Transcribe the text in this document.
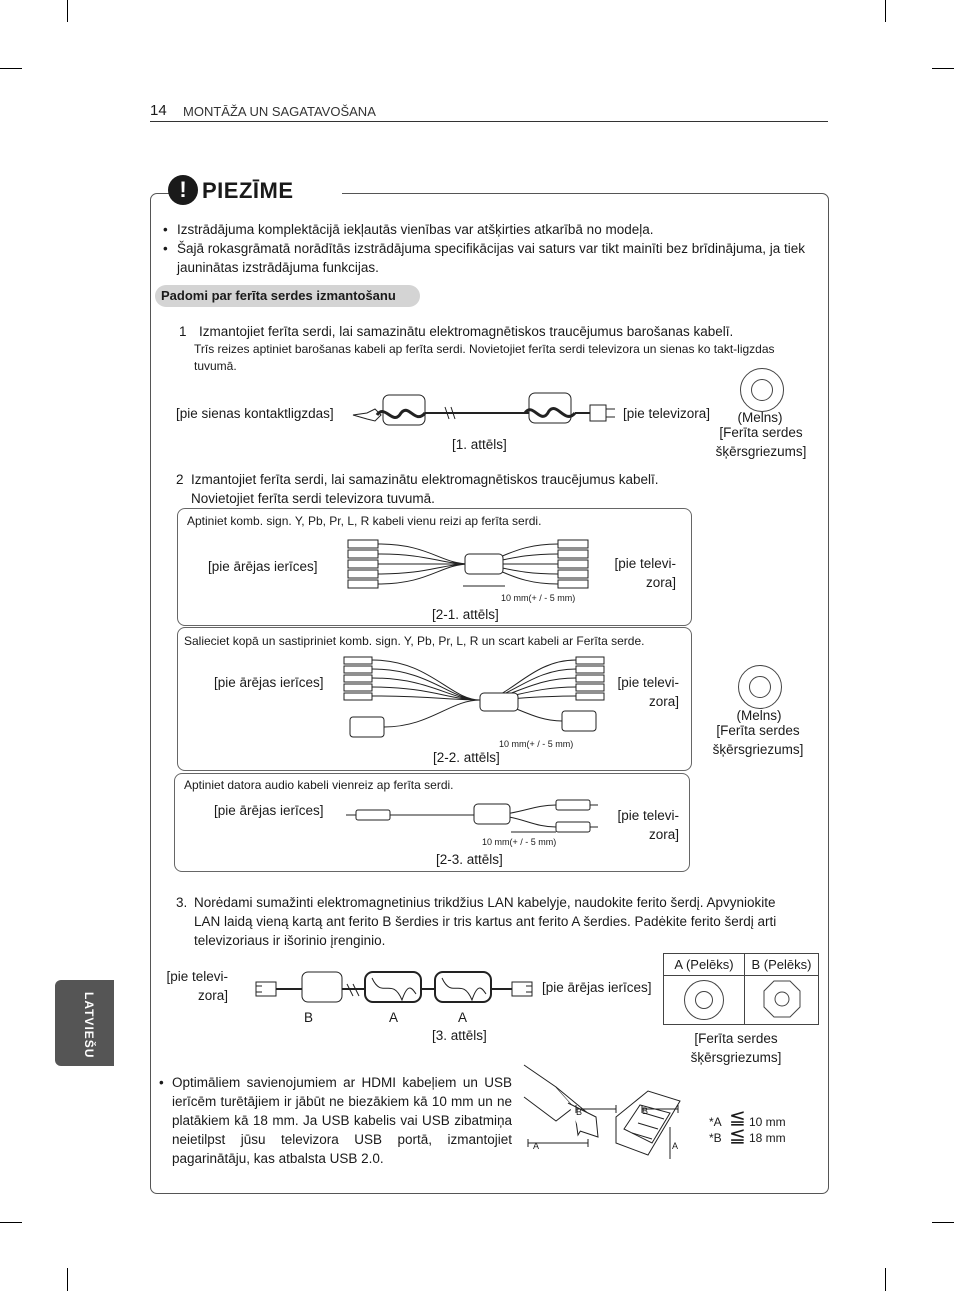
14 MONTĀŽA UN SAGATAVOŠANA
! PIEZĪME
• Izstrādājuma komplektācijā iekļautās vienības var atšķirties atkarībā no modeļa.
• Šajā rokasgrāmatā norādītās izstrādājuma specifikācijas vai saturs var tikt mainīti bez brīdinājuma, ja tiek jauninātas izstrādājuma funkcijas.
Padomi par ferīta serdes izmantošanu
1 Izmantojiet ferīta serdi, lai samazinātu elektromagnētiskos traucējumus barošanas kabelī.
Trīs reizes aptiniet barošanas kabeli ap ferīta serdi. Novietojiet ferīta serdi televizora un sienas ko takt-ligzdas tuvumā.
[pie sienas kontaktligzdas]	[pie televizora]
[1. attēls]
(Melns)
[Ferīta serdes šķērsgriezums]
2 Izmantojiet ferīta serdi, lai samazinātu elektromagnētiskos traucējumus kabelī. Novietojiet ferīta serdi televizora tuvumā.
Aptiniet komb. sign. Y, Pb, Pr, L, R kabeli vienu reizi ap ferīta serdi.
[pie ārējas ierīces]	[pie televi-zora]
10 mm(+ / - 5 mm)
[2-1. attēls]
Salieciet kopā un sastipriniet komb. sign. Y, Pb, Pr, L, R un scart kabeli ar Ferīta serde.
[pie ārējas ierīces]	[pie televi-zora]
10 mm(+ / - 5 mm)
[2-2. attēls]
Aptiniet datora audio kabeli vienreiz ap ferīta serdi.
[pie ārējas ierīces]	[pie televi-zora]
10 mm(+ / - 5 mm)
[2-3. attēls]
(Melns)
[Ferīta serdes šķērsgriezums]
3. Norėdami sumažinti elektromagnetinius trikdžius LAN kabelyje, naudokite ferito šerdį. Apvyniokite LAN laidą vieną kartą ant ferito B šerdies ir tris kartus ant ferito A šerdies. Padėkite ferito šerdį arti televizoriaus ir išorinio įrenginio.
[pie televi-zora]
[pie ārējas ierīces]
B	A	A
[3. attēls]
A (Pelēks)	B (Pelēks)

[Ferīta serdes šķērsgriezums]
• Optimāliem savienojumiem ar HDMI kabeļiem un USB ierīcēm turētājiem ir jābūt ne biezākiem kā 10 mm un ne platākiem kā 18 mm. Ja USB kabelis vai USB zibatmiņa neietilpst jūsu televizora USB portā, izmantojiet pagarinātāju, kas atbalsta USB 2.0.
A
B	B
A
*A
*B
≦
≦
10 mm
18 mm
LATVIEŠU
